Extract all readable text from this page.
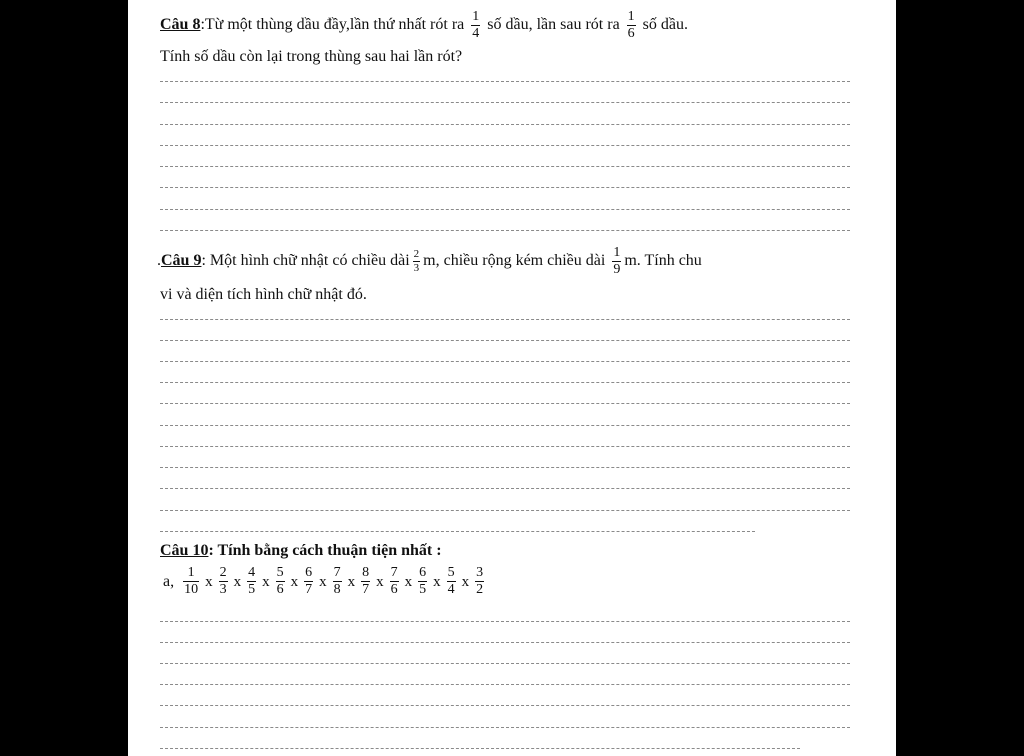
Câu 8:Từ một thùng dầu đầy,lần thứ nhất rót ra $\frac{1}{4}$ số dầu, lần sau rót ra $\frac{1}{6}$ số dầu.
Tính số dầu còn lại trong thùng sau hai lần rót?
.Câu 9: Một hình chữ nhật có chiều dài $\frac{2}{3} m$, chiều rộng kém chiều dài $\frac{1}{9} m$. Tính chu
vi và diện tích hình chữ nhật đó.
Câu 10: Tính bằng cách thuận tiện nhất :
a, $\frac{1}{10}$ x $\frac{2}{3}$ x $\frac{4}{5}$ x $\frac{5}{6}$ x $\frac{6}{7}$ x $\frac{7}{8}$ x $\frac{8}{7}$ x $\frac{7}{6}$ x $\frac{6}{5}$ x $\frac{5}{4}$ x $\frac{3}{2}$
